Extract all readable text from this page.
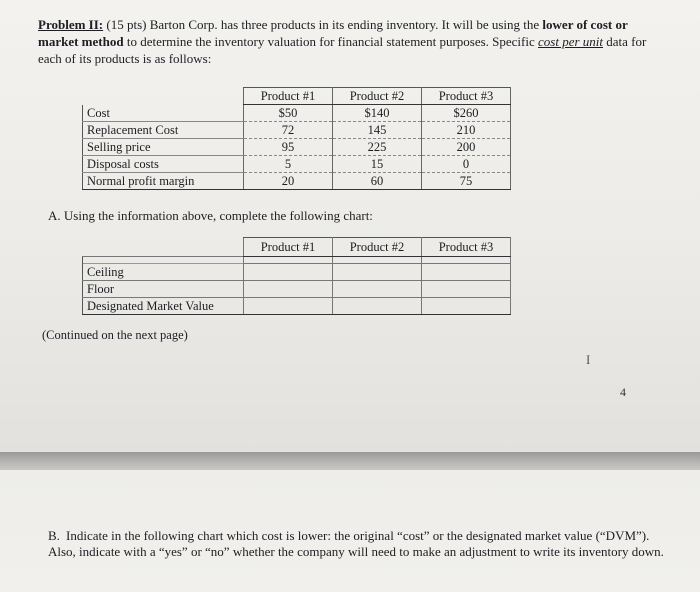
Problem II: (15 pts) Barton Corp. has three products in its ending inventory. It will be using the lower of cost or market method to determine the inventory valuation for financial statement purposes. Specific cost per unit data for each of its products is as follows:
	Product #1	Product #2	Product #3
Cost	$50	$140	$260
Replacement Cost	72	145	210
Selling price	95	225	200
Disposal costs	5	15	0
Normal profit margin	20	60	75
A. Using the information above, complete the following chart:
	Product #1	Product #2	Product #3

Ceiling			
Floor			
Designated Market Value			
(Continued on the next page)
I
4
B. Indicate in the following chart which cost is lower: the original “cost” or the designated market value (“DVM”). Also, indicate with a “yes” or “no” whether the company will need to make an adjustment to write its inventory down.
